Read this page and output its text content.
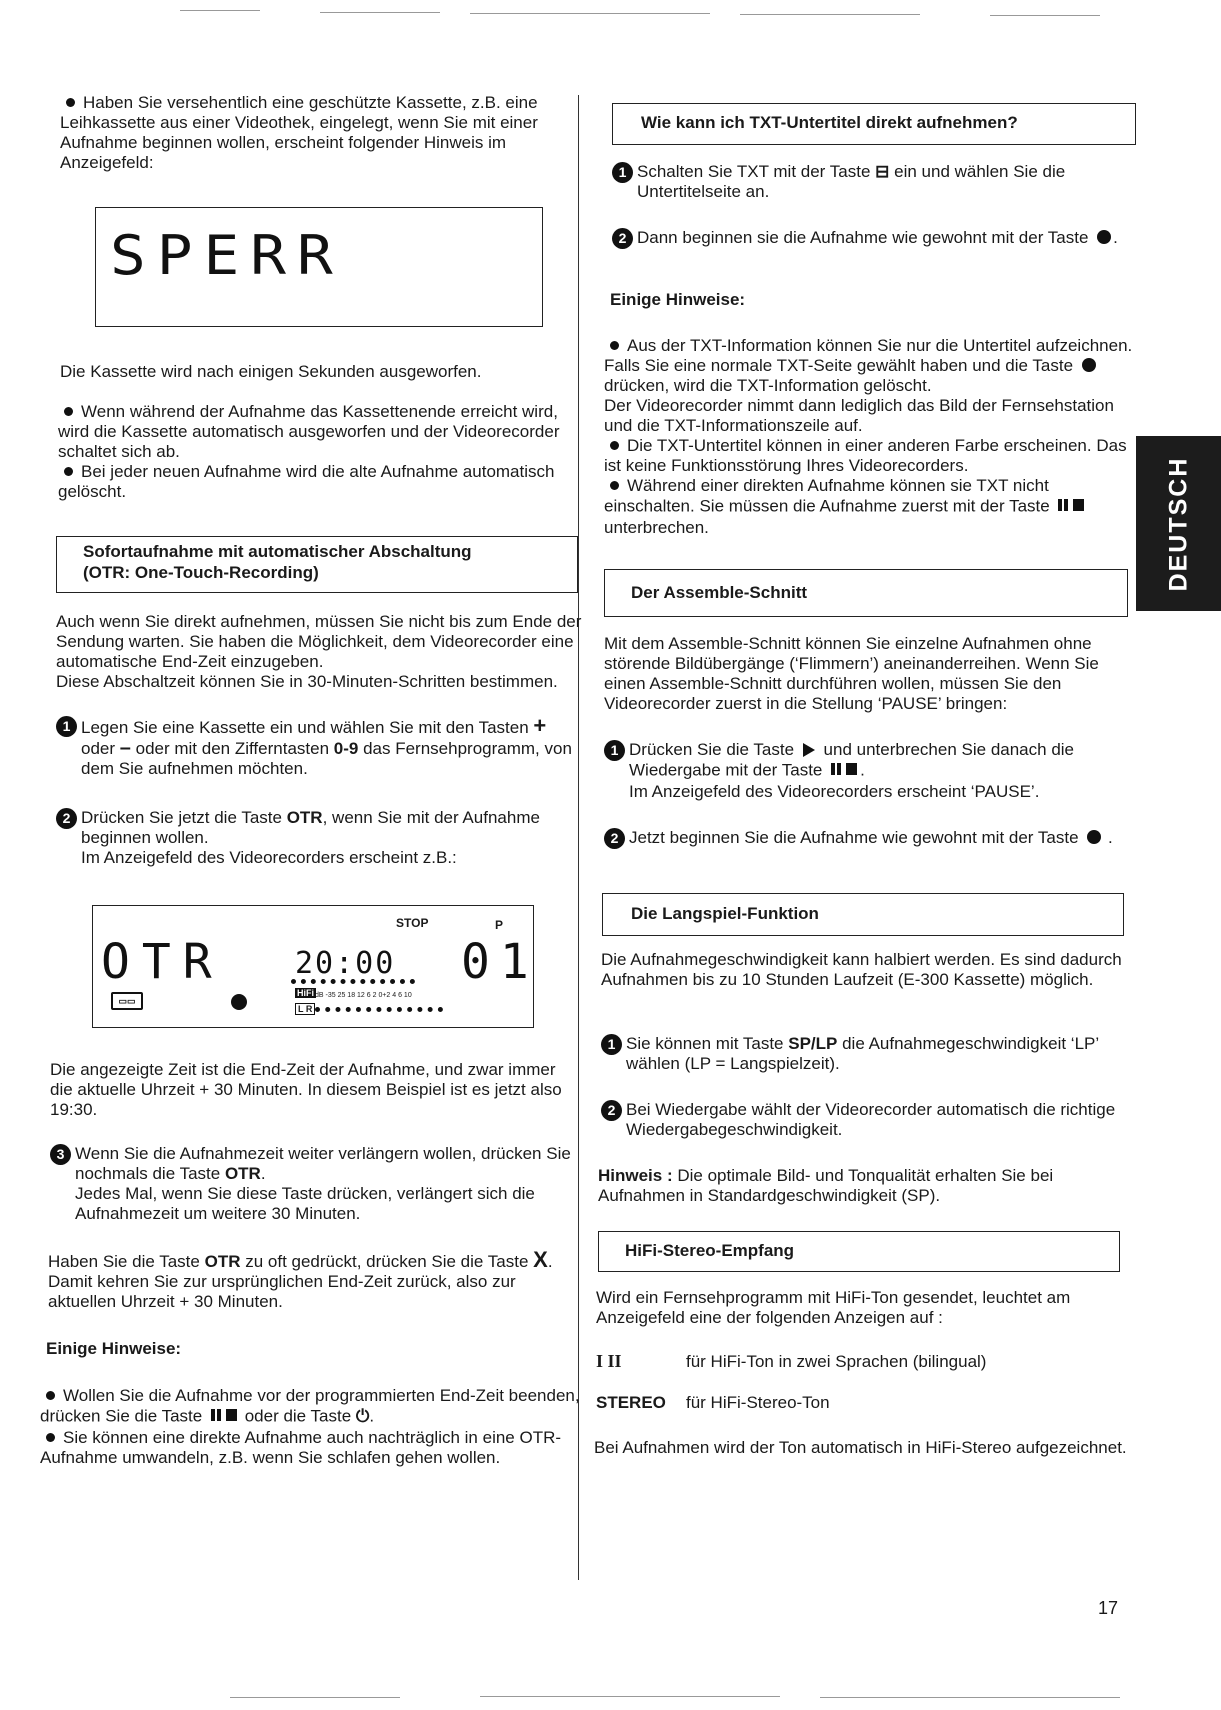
DEUTSCH

Haben Sie versehentlich eine geschützte Kassette, z.B. eine Leihkassette aus einer Videothek, eingelegt, wenn Sie mit einer Aufnahme beginnen wollen, erscheint folgender Hinweis im Anzeigefeld:

SPERR

Die Kassette wird nach einigen Sekunden ausgeworfen.

Wenn während der Aufnahme das Kassettenende erreicht wird, wird die Kassette automatisch ausgeworfen und der Videorecorder schaltet sich ab.

Bei jeder neuen Aufnahme wird die alte Aufnahme automatisch gelöscht.

Sofortaufnahme mit automatischer Abschaltung
(OTR: One-Touch-Recording)

Auch wenn Sie direkt aufnehmen, müssen Sie nicht bis zum Ende der Sendung warten. Sie haben die Möglichkeit, dem Videorecorder eine automatische End-Zeit einzugeben.

Diese Abschaltzeit können Sie in 30-Minuten-Schritten bestimmen.

1 Legen Sie eine Kassette ein und wählen Sie mit den Tasten +
oder – oder mit den Zifferntasten 0-9 das Fernsehprogramm, von dem Sie aufnehmen möchten.
2 Drücken Sie jetzt die Taste OTR, wenn Sie mit der Aufnahme beginnen wollen.
Im Anzeigefeld des Videorecorders erscheint z.B.:
STOP	P
OTR 20:00 01
▭▭
HiFi
L R
dB -35 25 18 12 6 2 0+2 4 6 10

Die angezeigte Zeit ist die End-Zeit der Aufnahme, und zwar immer die aktuelle Uhrzeit + 30 Minuten. In diesem Beispiel ist es jetzt also 19:30.

3 Wenn Sie die Aufnahmezeit weiter verlängern wollen, drücken Sie nochmals die Taste OTR.
Jedes Mal, wenn Sie diese Taste drücken, verlängert sich die Aufnahmezeit um weitere 30 Minuten.

Haben Sie die Taste OTR zu oft gedrückt, drücken Sie die Taste X. Damit kehren Sie zur ursprünglichen End-Zeit zurück, also zur aktuellen Uhrzeit + 30 Minuten.

Einige Hinweise:

Wollen Sie die Aufnahme vor der programmierten End-Zeit beenden, drücken Sie die Taste oder die Taste ⏻.

Sie können eine direkte Aufnahme auch nachträglich in eine OTR-Aufnahme umwandeln, z.B. wenn Sie schlafen gehen wollen.

Wie kann ich TXT-Untertitel direkt aufnehmen?
1 Schalten Sie TXT mit der Taste ⊟ ein und wählen Sie die Untertitelseite an.
2 Dann beginnen sie die Aufnahme wie gewohnt mit der Taste .
Einige Hinweise:

Aus der TXT-Information können Sie nur die Untertitel aufzeichnen. Falls Sie eine normale TXT-Seite gewählt haben und die Taste  drücken, wird die TXT-Information gelöscht.

Der Videorecorder nimmt dann lediglich das Bild der Fernsehstation und die TXT-Informationszeile auf.

Die TXT-Untertitel können in einer anderen Farbe erscheinen. Das ist keine Funktionsstörung Ihres Videorecorders.

Während einer direkten Aufnahme können sie TXT nicht einschalten. Sie müssen die Aufnahme zuerst mit der Taste
unterbrechen.

Der Assemble-Schnitt

Mit dem Assemble-Schnitt können Sie einzelne Aufnahmen ohne störende Bildübergänge (‘Flimmern’) aneinanderreihen. Wenn Sie einen Assemble-Schnitt durchführen wollen, müssen Sie den Videorecorder zuerst in die Stellung ‘PAUSE’ bringen:

1 Drücken Sie die Taste und unterbrechen Sie danach die Wiedergabe mit der Taste .
Im Anzeigefeld des Videorecorders erscheint ‘PAUSE’.
2 Jetzt beginnen Sie die Aufnahme wie gewohnt mit der Taste .
Die Langspiel-Funktion

Die Aufnahmegeschwindigkeit kann halbiert werden. Es sind dadurch Aufnahmen bis zu 10 Stunden Laufzeit (E-300 Kassette) möglich.

1 Sie können mit Taste SP/LP die Aufnahmegeschwindigkeit ‘LP’ wählen (LP = Langspielzeit).
2 Bei Wiedergabe wählt der Videorecorder automatisch die richtige Wiedergabegeschwindigkeit.

Hinweis : Die optimale Bild- und Tonqualität erhalten Sie bei Aufnahmen in Standardgeschwindigkeit (SP).

HiFi-Stereo-Empfang

Wird ein Fernsehprogramm mit HiFi-Ton gesendet, leuchtet am Anzeigefeld eine der folgenden Anzeigen auf :

I II	für HiFi-Ton in zwei Sprachen (bilingual)
STEREO für HiFi-Stereo-Ton

Bei Aufnahmen wird der Ton automatisch in HiFi-Stereo aufgezeichnet.

17
